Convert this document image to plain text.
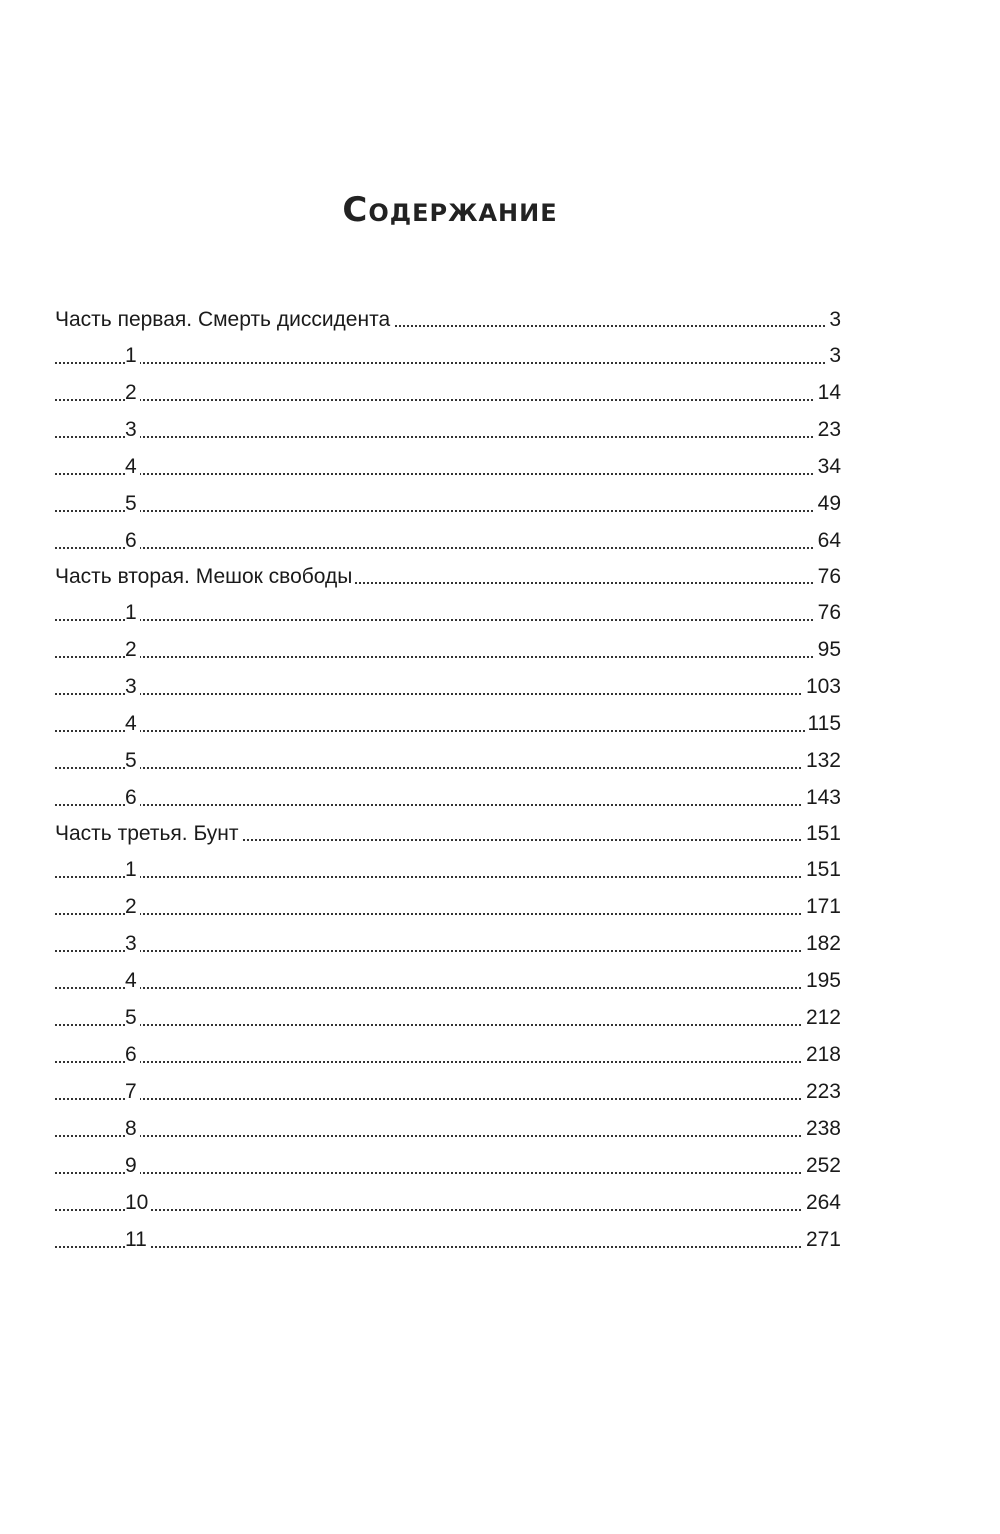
Содержание
Часть первая. Смерть диссидента	3
1	3
2	14
3	23
4	34
5	49
6	64
Часть вторая. Мешок свободы	76
1	76
2	95
3	103
4	115
5	132
6	143
Часть третья. Бунт	151
1	151
2	171
3	182
4	195
5	212
6	218
7	223
8	238
9	252
10	264
11	271
